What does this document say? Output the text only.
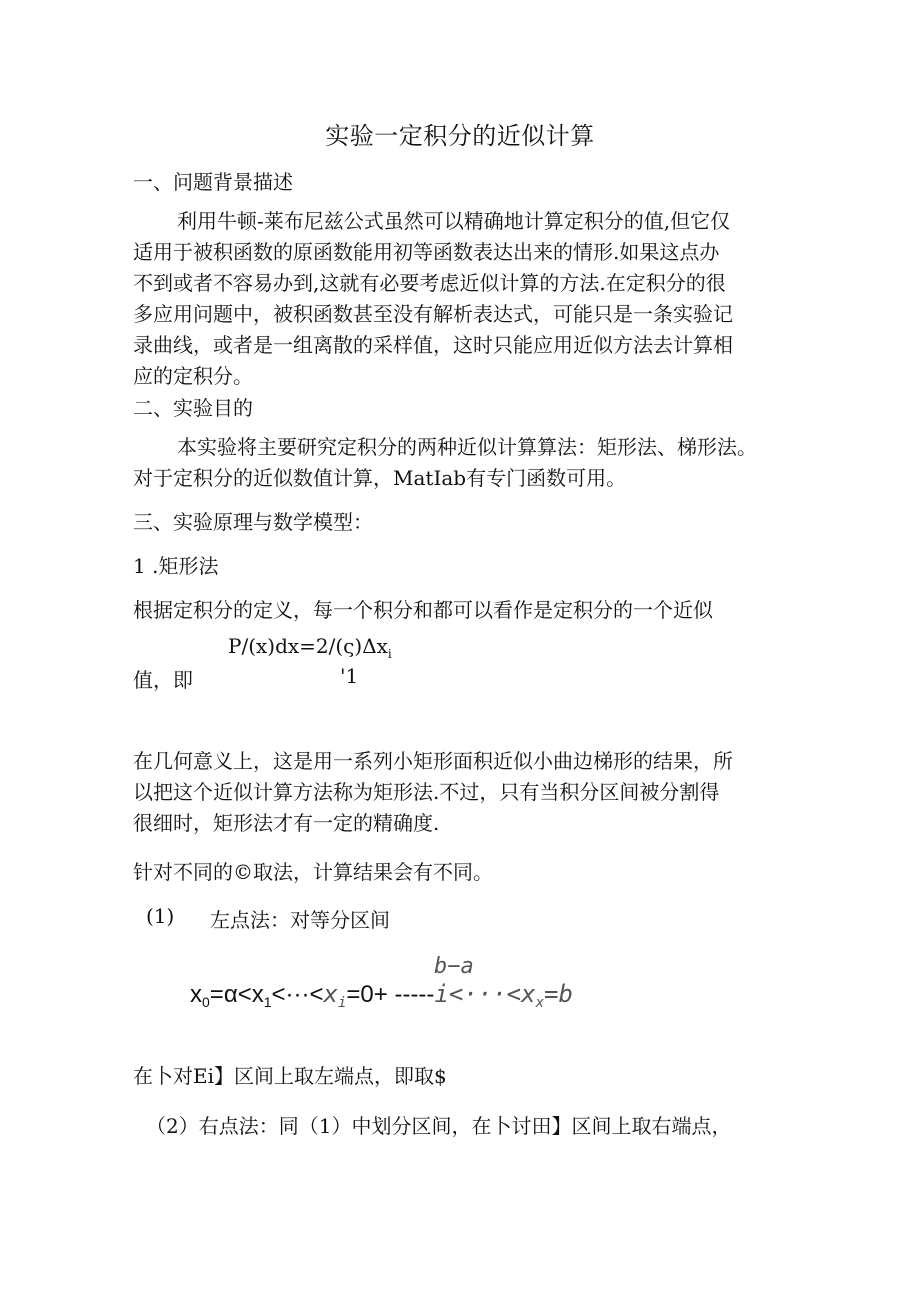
实验一定积分的近似计算
一、问题背景描述
利用牛顿-莱布尼兹公式虽然可以精确地计算定积分的值,但它仅
适用于被积函数的原函数能用初等函数表达出来的情形.如果这点办
不到或者不容易办到,这就有必要考虑近似计算的方法.在定积分的很
多应用问题中，被积函数甚至没有解析表达式，可能只是一条实验记
录曲线，或者是一组离散的采样值，这时只能应用近似方法去计算相
应的定积分。
二、实验目的
本实验将主要研究定积分的两种近似计算算法：矩形法、梯形法。
对于定积分的近似数值计算，MatIab有专门函数可用。
三、实验原理与数学模型：
1 .矩形法
根据定积分的定义，每一个积分和都可以看作是定积分的一个近似
$P∕(x)dx=2∕(\varsigma)\Delta x_i$
值，即	'1
在几何意义上，这是用一系列小矩形面积近似小曲边梯形的结果，所
以把这个近似计算方法称为矩形法.不过，只有当积分区间被分割得
很细时，矩形法才有一定的精确度.
针对不同的©取法，计算结果会有不同。
(1) 左点法：对等分区间
b−a
$x_0=\alpha<x_1<\cdot\cdot\cdot<x_i=0+ -----i<\cdot\cdot\cdot<x_x=b$
在卜对Ei】区间上取左端点，即取$
（2）右点法：同（1）中划分区间，在卜讨田】区间上取右端点，
